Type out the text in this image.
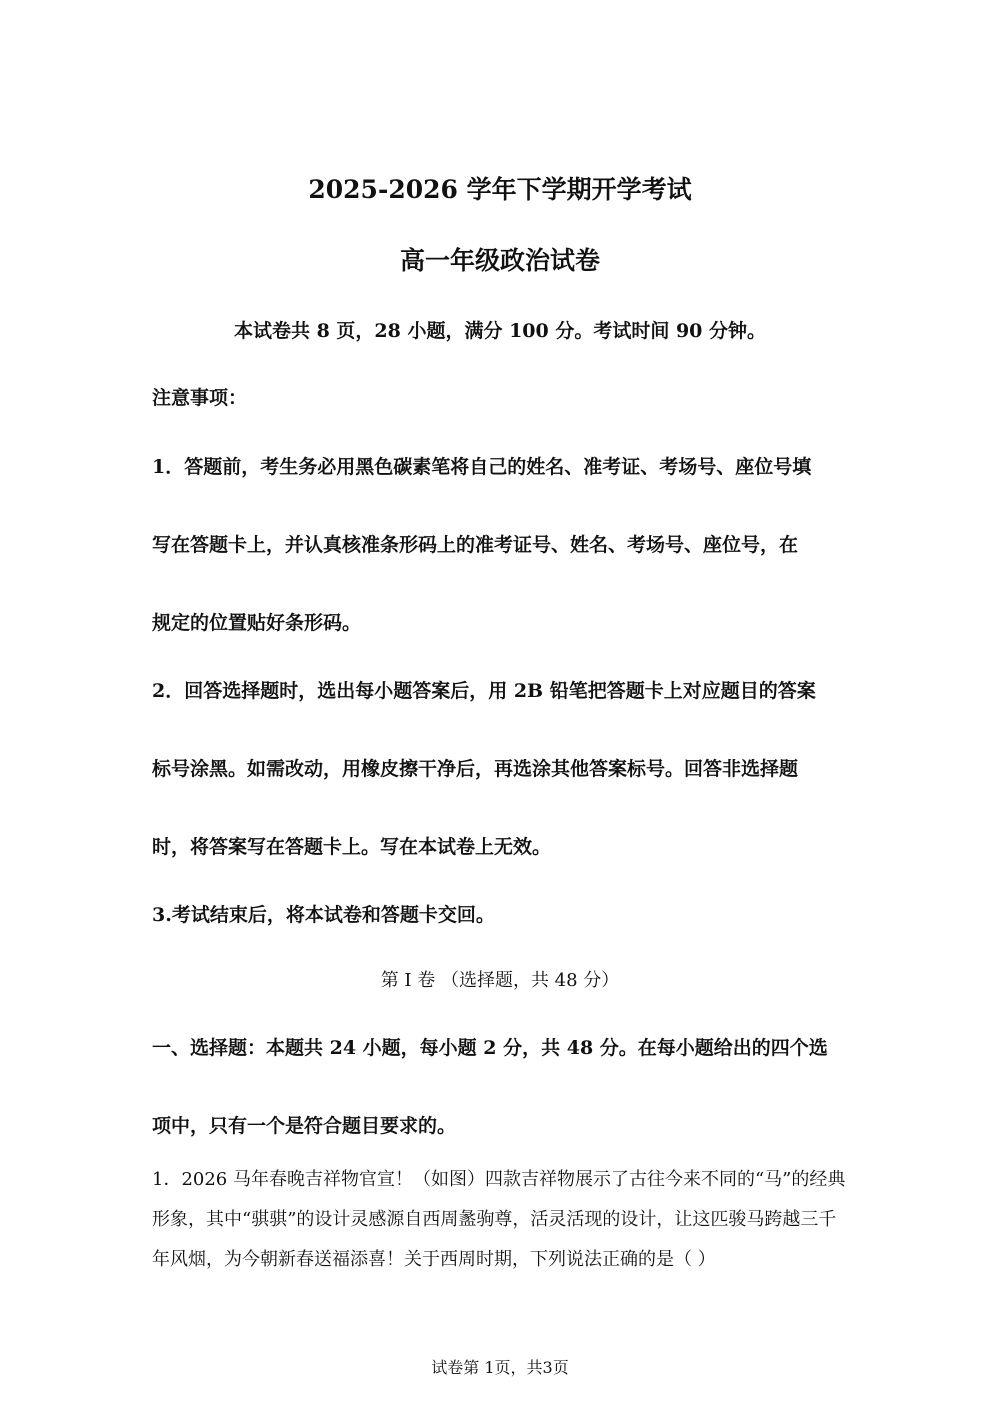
2025-2026 学年下学期开学考试
高一年级政治试卷

本试卷共 8 页，28 小题，满分 100 分。考试时间 90 分钟。

注意事项：

1．答题前，考生务必用黑色碳素笔将自己的姓名、准考证、考场号、座位号填

写在答题卡上，并认真核准条形码上的准考证号、姓名、考场号、座位号，在

规定的位置贴好条形码。

2．回答选择题时，选出每小题答案后，用 2B 铅笔把答题卡上对应题目的答案

标号涂黑。如需改动，用橡皮擦干净后，再选涂其他答案标号。回答非选择题

时，将答案写在答题卡上。写在本试卷上无效。

3.考试结束后，将本试卷和答题卡交回。

第 Ⅰ 卷 （选择题，共 48 分）

一、选择题：本题共 24 小题，每小题 2 分，共 48 分。在每小题给出的四个选

项中，只有一个是符合题目要求的。

1．2026 马年春晚吉祥物官宣！（如图）四款吉祥物展示了古往今来不同的“马”的经典

形象，其中“骐骐”的设计灵感源自西周盠驹尊，活灵活现的设计，让这匹骏马跨越三千

年风烟，为今朝新春送福添喜！关于西周时期，下列说法正确的是（ ）

试卷第 1页，共3页
